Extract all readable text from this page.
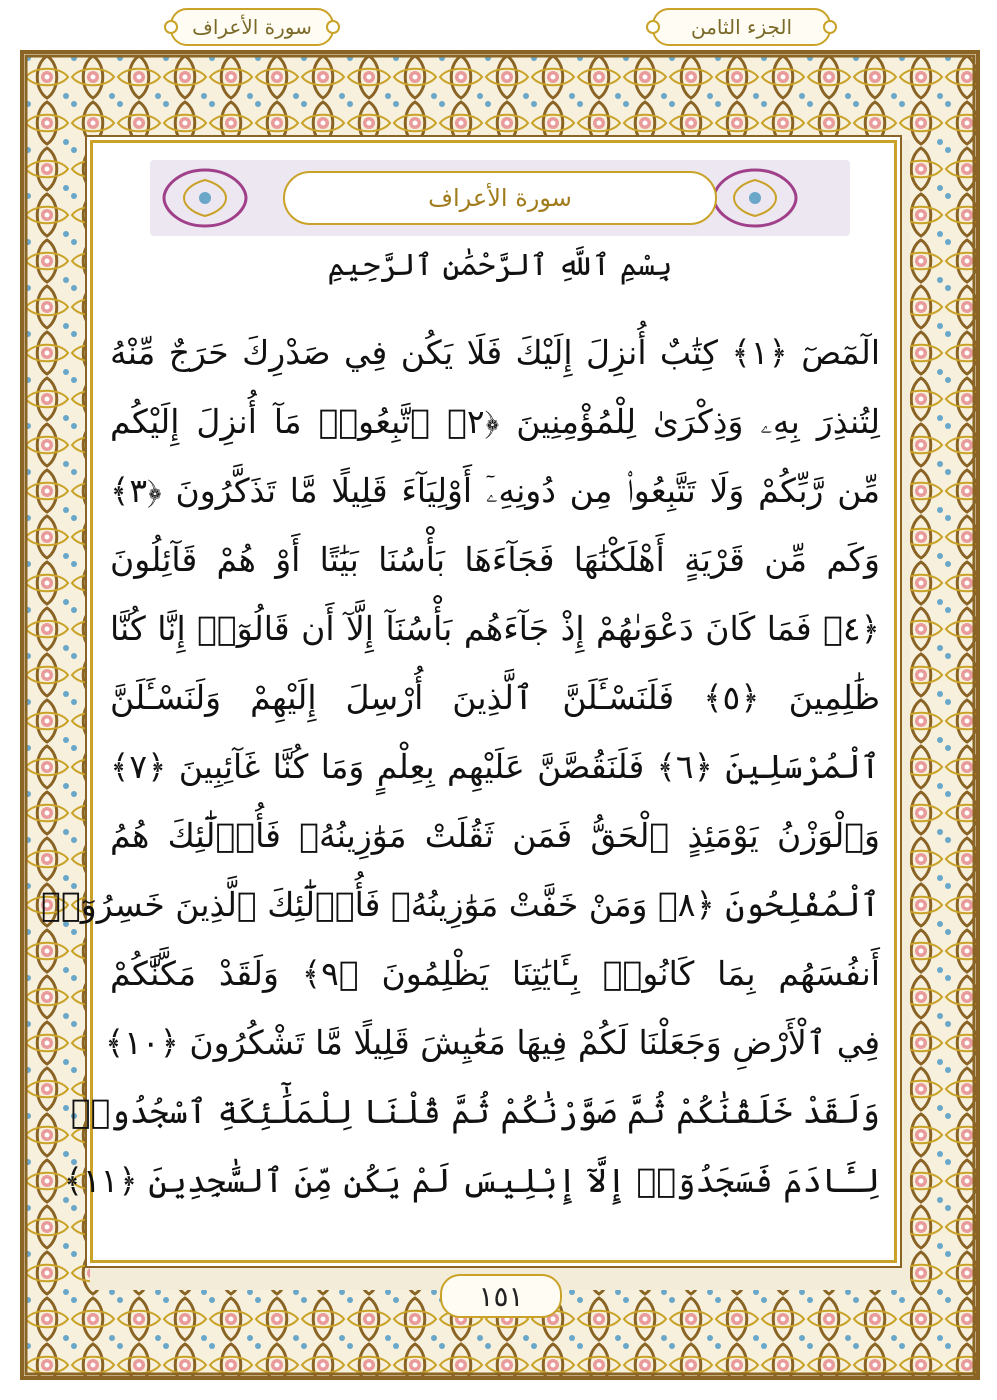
سورة الأعراف	الجزء الثامن
سورة الأعراف
بِسْمِ ٱللَّهِ ٱلرَّحْمَٰنِ ٱلرَّحِيمِ
الٓمٓصٓ ﴿١﴾ كِتَٰبٌ أُنزِلَ إِلَيْكَ فَلَا يَكُن فِي صَدْرِكَ حَرَجٌ مِّنْهُ
لِتُنذِرَ بِهِۦ وَذِكْرَىٰ لِلْمُؤْمِنِينَ ﴿٢﴾ ٱتَّبِعُوا۟ مَآ أُنزِلَ إِلَيْكُم
مِّن رَّبِّكُمْ وَلَا تَتَّبِعُوا۟ مِن دُونِهِۦٓ أَوْلِيَآءَ قَلِيلًا مَّا تَذَكَّرُونَ ﴿٣﴾
وَكَم مِّن قَرْيَةٍ أَهْلَكْنَٰهَا فَجَآءَهَا بَأْسُنَا بَيَٰتًا أَوْ هُمْ قَآئِلُونَ
﴿٤﴾ فَمَا كَانَ دَعْوَىٰهُمْ إِذْ جَآءَهُم بَأْسُنَآ إِلَّآ أَن قَالُوٓا۟ إِنَّا كُنَّا
ظَٰلِمِينَ ﴿٥﴾ فَلَنَسْـَٔلَنَّ ٱلَّذِينَ أُرْسِلَ إِلَيْهِمْ وَلَنَسْـَٔلَنَّ
ٱلْمُرْسَلِينَ ﴿٦﴾ فَلَنَقُصَّنَّ عَلَيْهِم بِعِلْمٍ وَمَا كُنَّا غَآئِبِينَ ﴿٧﴾
وَٱلْوَزْنُ يَوْمَئِذٍ ٱلْحَقُّ فَمَن ثَقُلَتْ مَوَٰزِينُهُۥ فَأُو۟لَٰٓئِكَ هُمُ
ٱلْمُفْلِحُونَ ﴿٨﴾ وَمَنْ خَفَّتْ مَوَٰزِينُهُۥ فَأُو۟لَٰٓئِكَ ٱلَّذِينَ خَسِرُوٓا۟
أَنفُسَهُم بِمَا كَانُوا۟ بِـَٔايَٰتِنَا يَظْلِمُونَ ﴿٩﴾ وَلَقَدْ مَكَّنَّٰكُمْ
فِي ٱلْأَرْضِ وَجَعَلْنَا لَكُمْ فِيهَا مَعَٰيِشَ قَلِيلًا مَّا تَشْكُرُونَ ﴿١٠﴾
وَلَقَدْ خَلَقْنَٰكُمْ ثُمَّ صَوَّرْنَٰكُمْ ثُمَّ قُلْنَا لِلْمَلَٰٓئِكَةِ ٱسْجُدُوا۟
لِـَٔادَمَ فَسَجَدُوٓا۟ إِلَّآ إِبْلِيسَ لَمْ يَكُن مِّنَ ٱلسَّٰجِدِينَ ﴿١١﴾
١٥١
